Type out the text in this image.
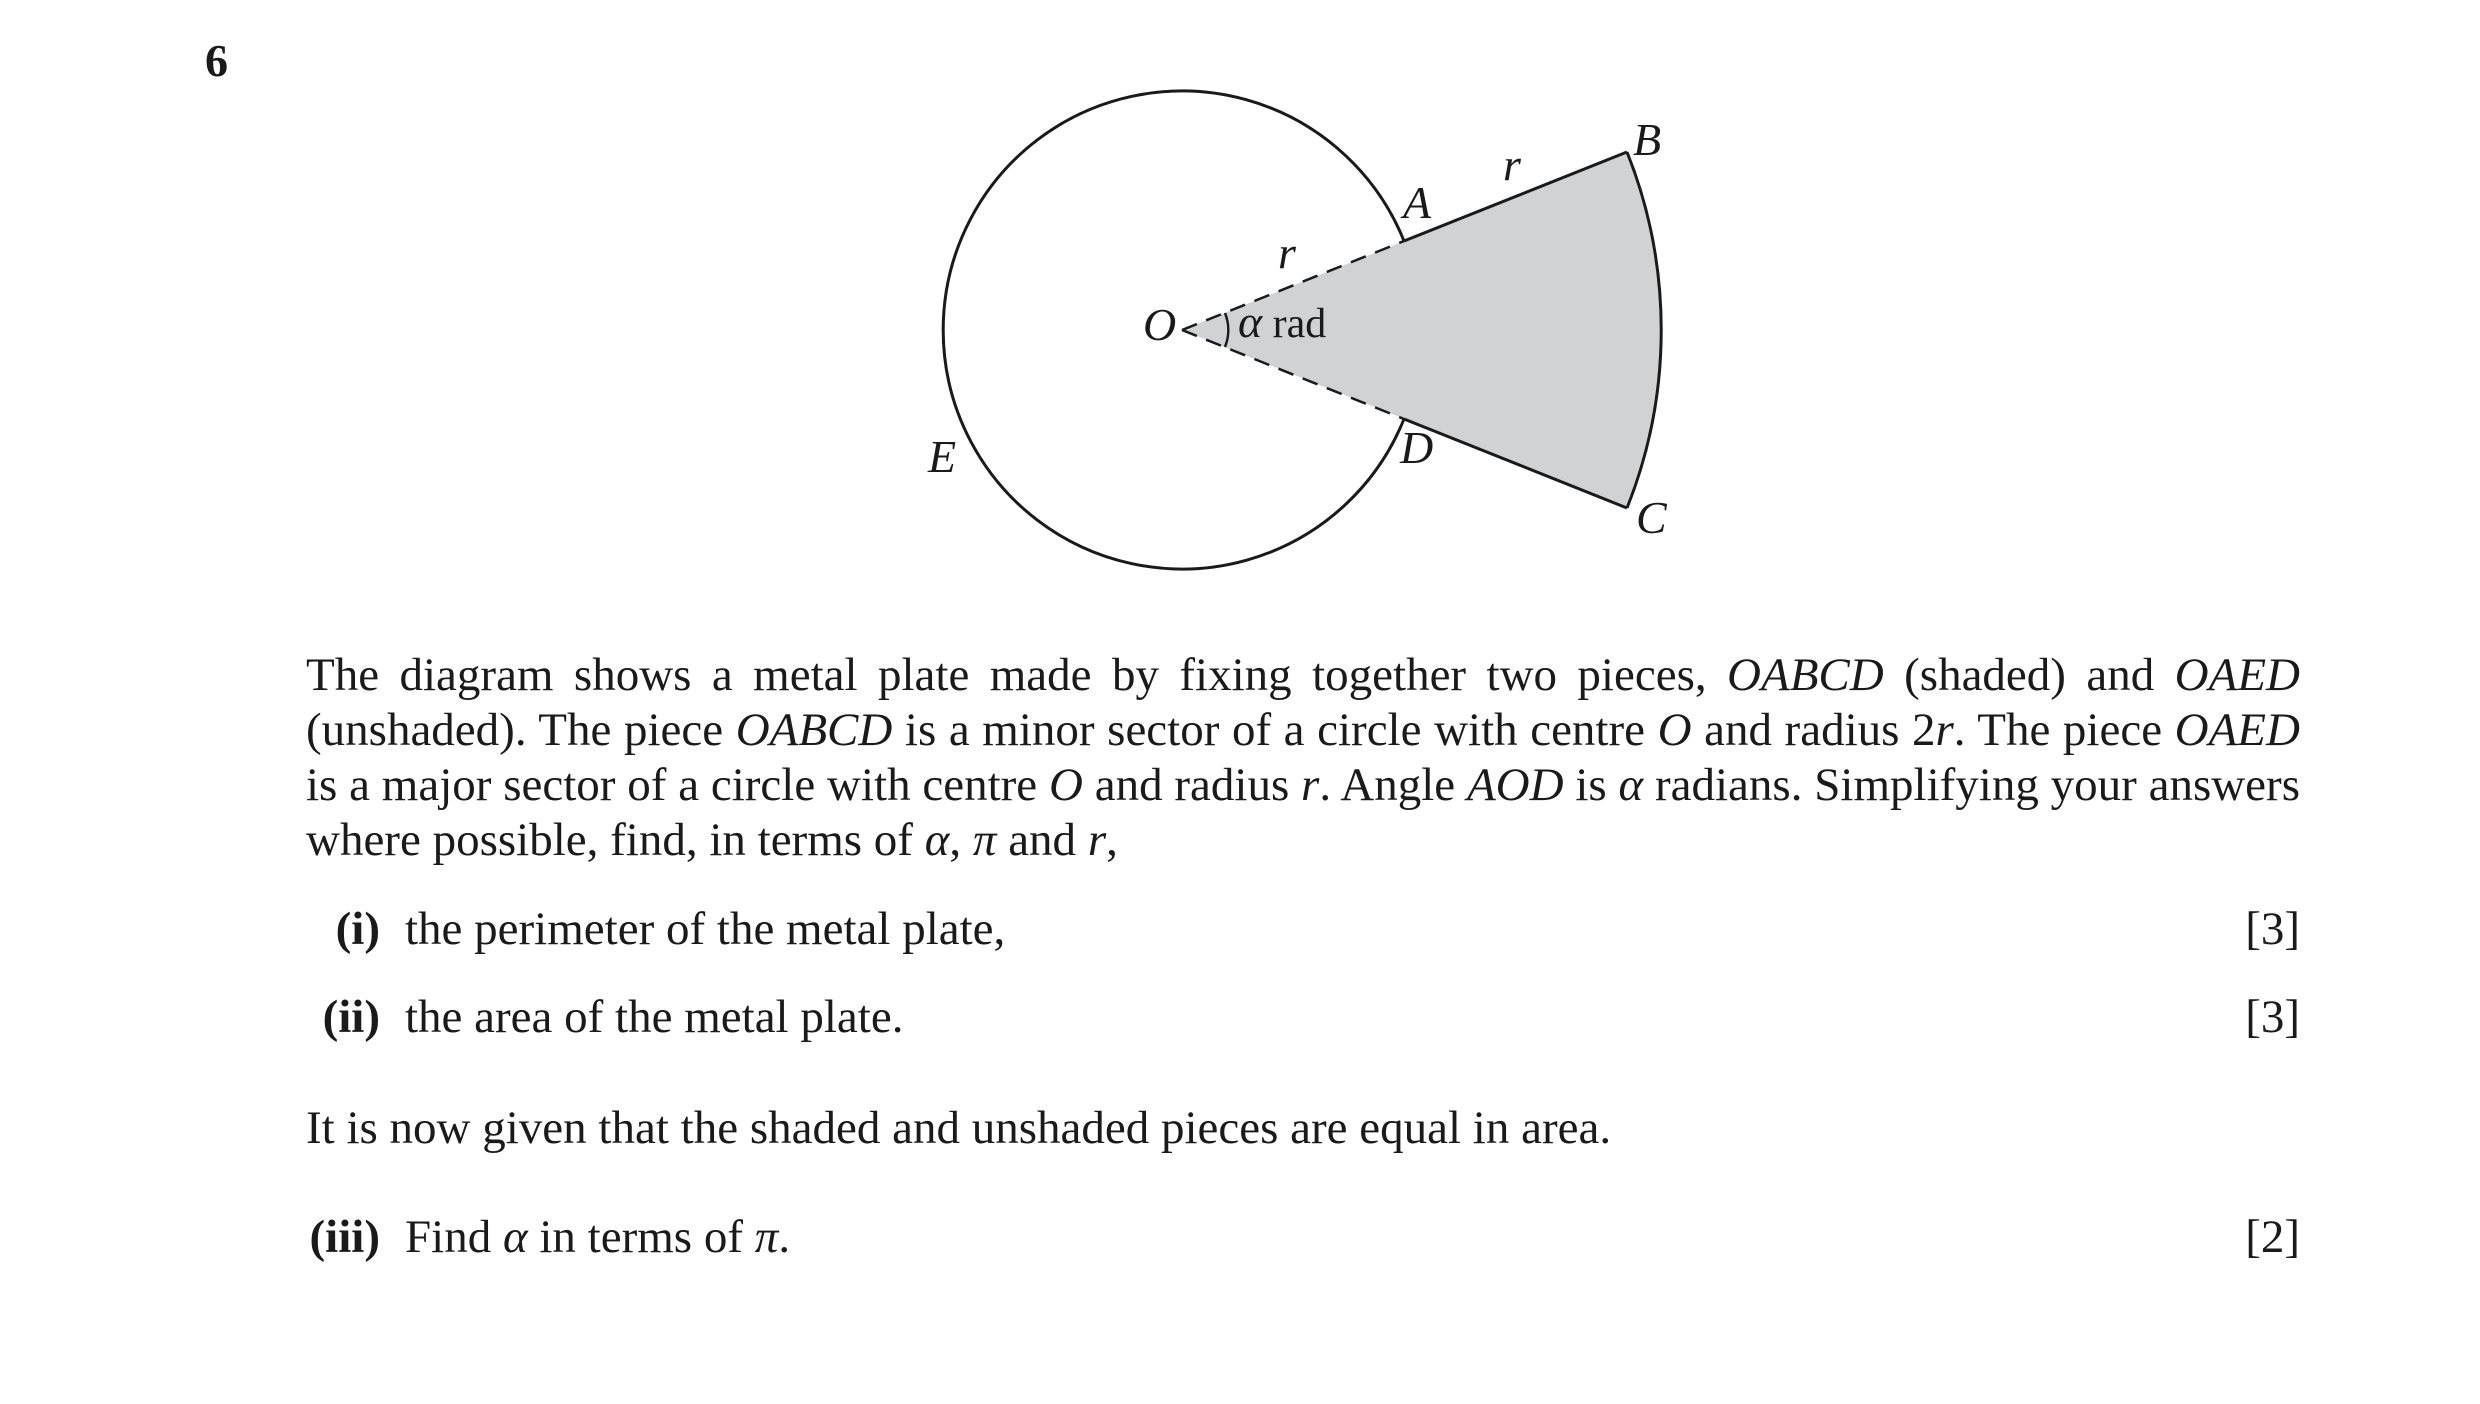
6
O
A
B
C
D
E
r
r
α rad
The diagram shows a metal plate made by fixing together two pieces, OABCD (shaded) and OAED (unshaded). The piece OABCD is a minor sector of a circle with centre O and radius 2r. The piece OAED is a major sector of a circle with centre O and radius r. Angle AOD is α radians. Simplifying your answers where possible, find, in terms of α, π and r,
(i) the perimeter of the metal plate,	[3]
(ii) the area of the metal plate.	[3]
It is now given that the shaded and unshaded pieces are equal in area.
(iii) Find α in terms of π.	[2]
